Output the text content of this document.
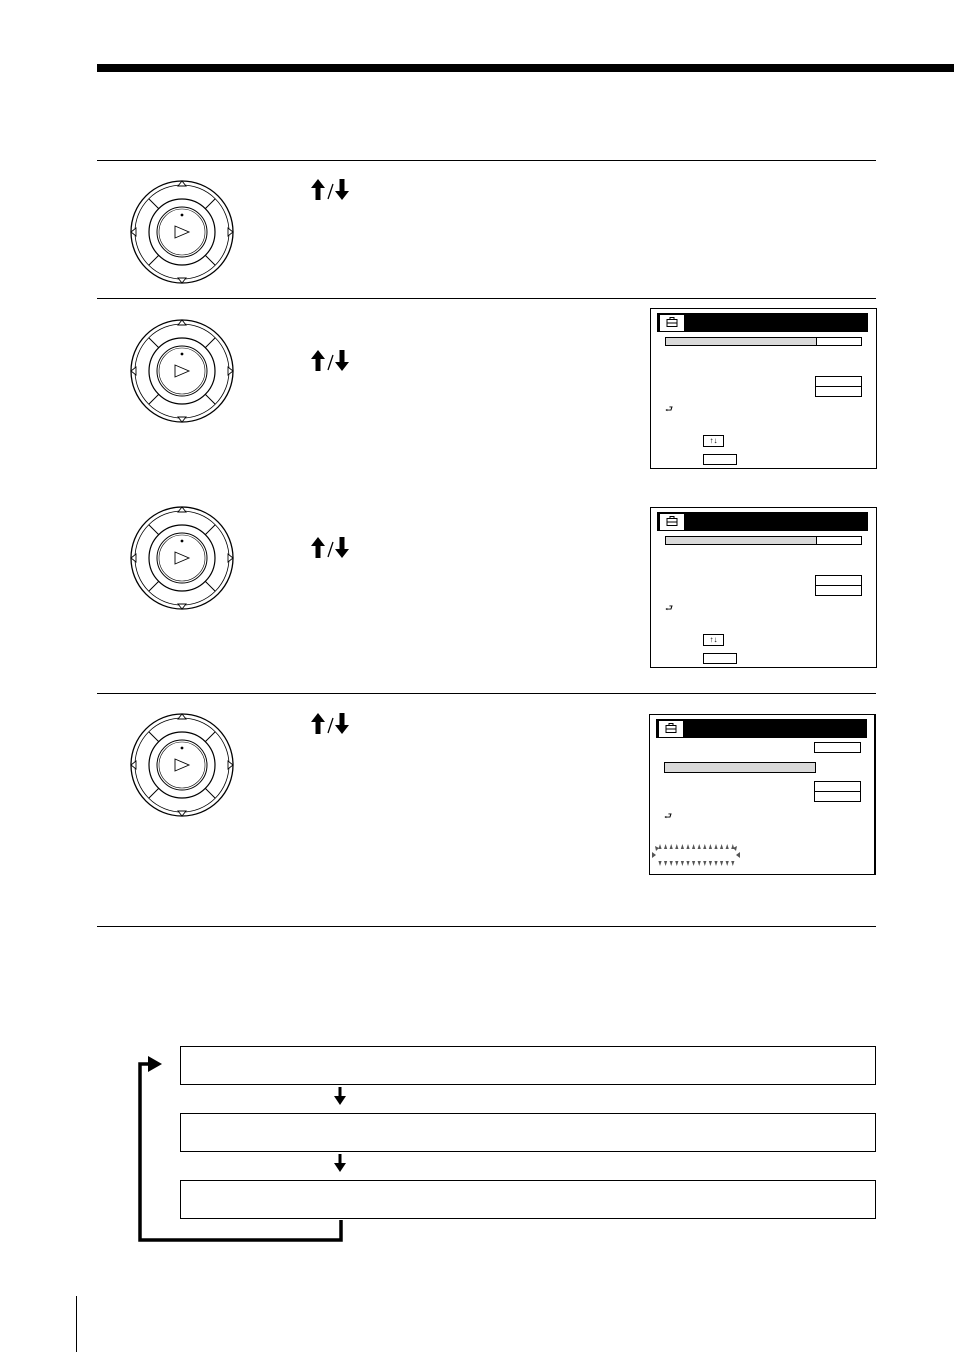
⮐
↑↓
⮐
↑↓
⮐
